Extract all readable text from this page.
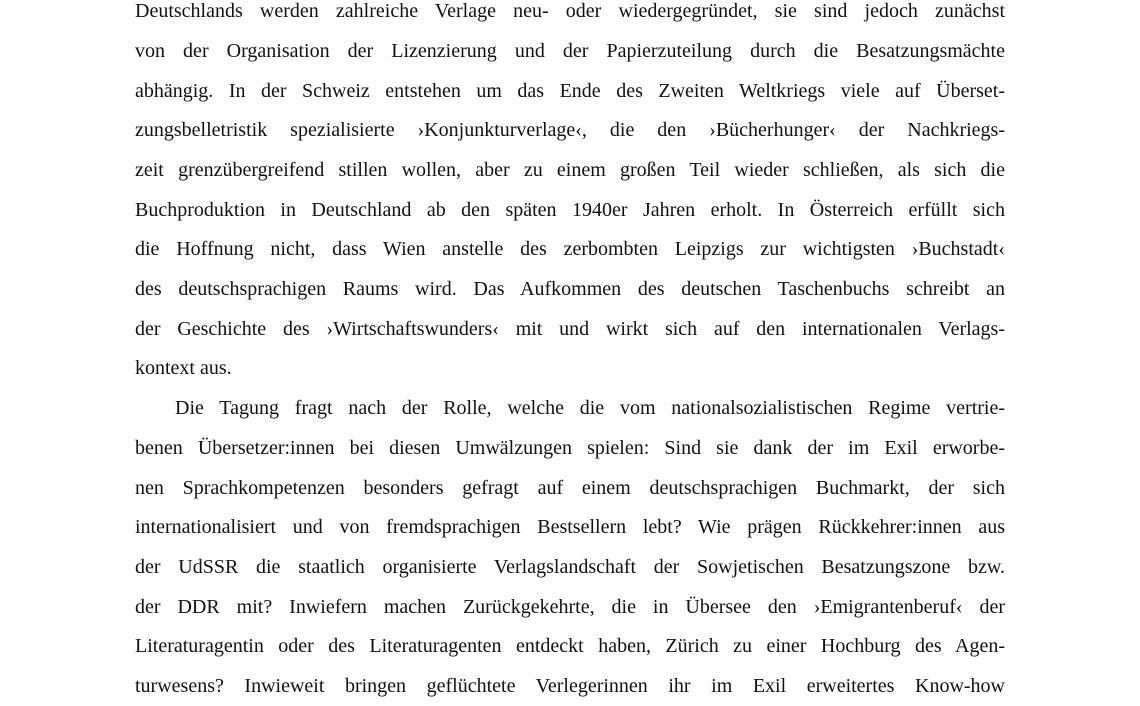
Deutschlands werden zahlreiche Verlage neu- oder wiedergegründet, sie sind jedoch zunächst
von der Organisation der Lizenzierung und der Papierzuteilung durch die Besatzungsmächte
abhängig. In der Schweiz entstehen um das Ende des Zweiten Weltkriegs viele auf Überset-
zungsbelletristik spezialisierte ›Konjunkturverlage‹, die den ›Bücherhunger‹ der Nachkriegs-
zeit grenzübergreifend stillen wollen, aber zu einem großen Teil wieder schließen, als sich die
Buchproduktion in Deutschland ab den späten 1940er Jahren erholt. In Österreich erfüllt sich
die Hoffnung nicht, dass Wien anstelle des zerbombten Leipzigs zur wichtigsten ›Buchstadt‹
des deutschsprachigen Raums wird. Das Aufkommen des deutschen Taschenbuchs schreibt an
der Geschichte des ›Wirtschaftswunders‹ mit und wirkt sich auf den internationalen Verlags-
kontext aus.
Die Tagung fragt nach der Rolle, welche die vom nationalsozialistischen Regime vertrie-
benen Übersetzer:innen bei diesen Umwälzungen spielen: Sind sie dank der im Exil erworbe-
nen Sprachkompetenzen besonders gefragt auf einem deutschsprachigen Buchmarkt, der sich
internationalisiert und von fremdsprachigen Bestsellern lebt? Wie prägen Rückkehrer:innen aus
der UdSSR die staatlich organisierte Verlagslandschaft der Sowjetischen Besatzungszone bzw.
der DDR mit? Inwiefern machen Zurückgekehrte, die in Übersee den ›Emigrantenberuf‹ der
Literaturagentin oder des Literaturagenten entdeckt haben, Zürich zu einer Hochburg des Agen-
turwesens? Inwieweit bringen geflüchtete Verlegerinnen ihr im Exil erweitertes Know-how
